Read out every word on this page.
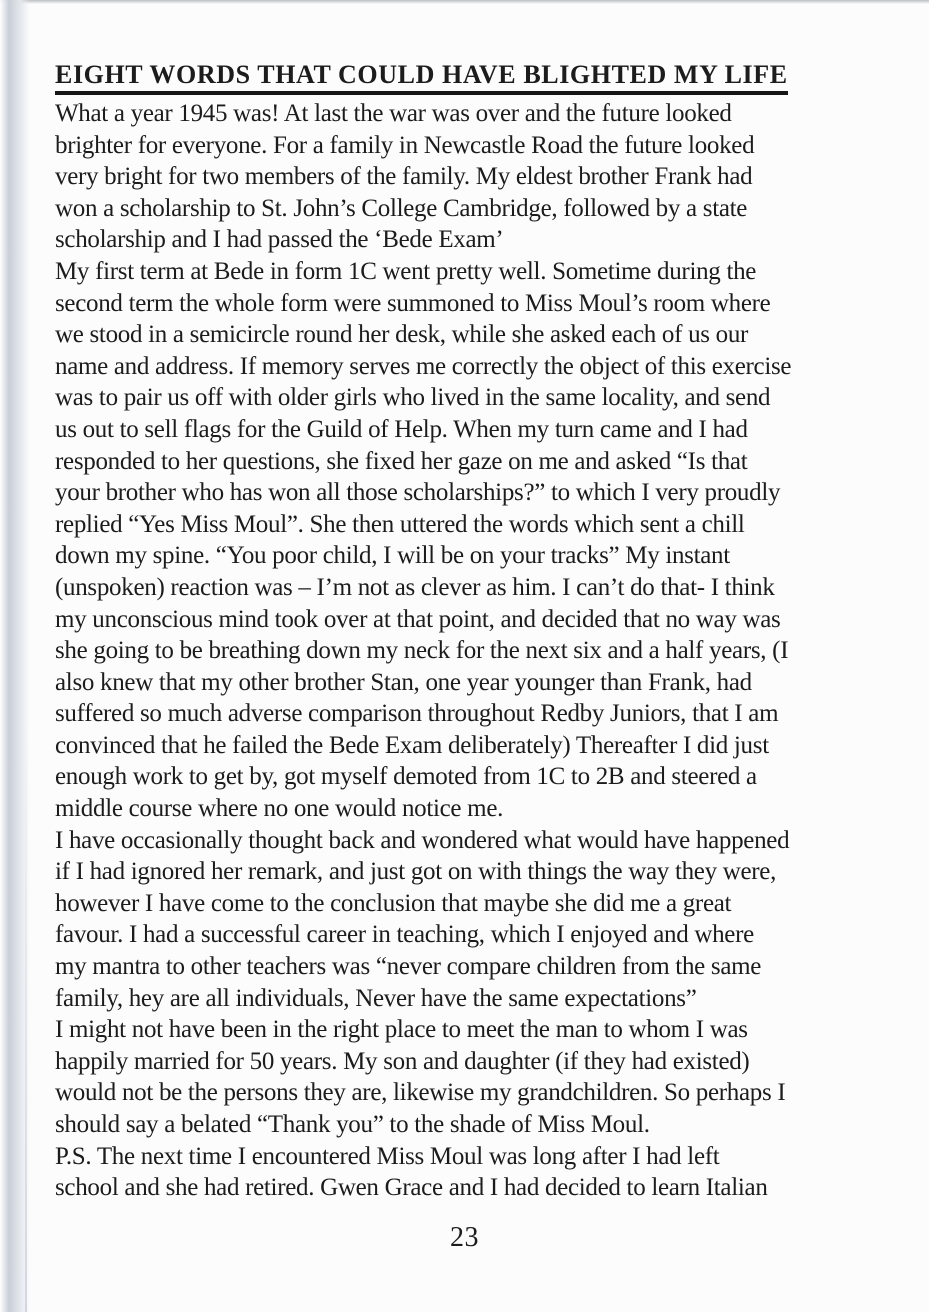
EIGHT WORDS THAT COULD HAVE BLIGHTED MY LIFE
What a year 1945 was! At last the war was over and the future looked
brighter for everyone. For a family in Newcastle Road the future looked
very bright for two members of the family. My eldest brother Frank had
won a scholarship to St. John’s College Cambridge, followed by a state
scholarship and I had passed the ‘Bede Exam’
My first term at Bede in form 1C went pretty well. Sometime during the
second term the whole form were summoned to Miss Moul’s room where
we stood in a semicircle round her desk, while she asked each of us our
name and address. If memory serves me correctly the object of this exercise
was to pair us off with older girls who lived in the same locality, and send
us out to sell flags for the Guild of Help. When my turn came and I had
responded to her questions, she fixed her gaze on me and asked “Is that
your brother who has won all those scholarships?” to which I very proudly
replied “Yes Miss Moul”. She then uttered the words which sent a chill
down my spine. “You poor child, I will be on your tracks” My instant
(unspoken) reaction was – I’m not as clever as him. I can’t do that- I think
my unconscious mind took over at that point, and decided that no way was
she going to be breathing down my neck for the next six and a half years, (I
also knew that my other brother Stan, one year younger than Frank, had
suffered so much adverse comparison throughout Redby Juniors, that I am
convinced that he failed the Bede Exam deliberately) Thereafter I did just
enough work to get by, got myself demoted from 1C to 2B and steered a
middle course where no one would notice me.
I have occasionally thought back and wondered what would have happened
if I had ignored her remark, and just got on with things the way they were,
however I have come to the conclusion that maybe she did me a great
favour. I had a successful career in teaching, which I enjoyed and where
my mantra to other teachers was “never compare children from the same
family, hey are all individuals, Never have the same expectations”
I might not have been in the right place to meet the man to whom I was
happily married for 50 years. My son and daughter (if they had existed)
would not be the persons they are, likewise my grandchildren. So perhaps I
should say a belated “Thank you” to the shade of Miss Moul.
P.S. The next time I encountered Miss Moul was long after I had left
school and she had retired. Gwen Grace and I had decided to learn Italian
23
